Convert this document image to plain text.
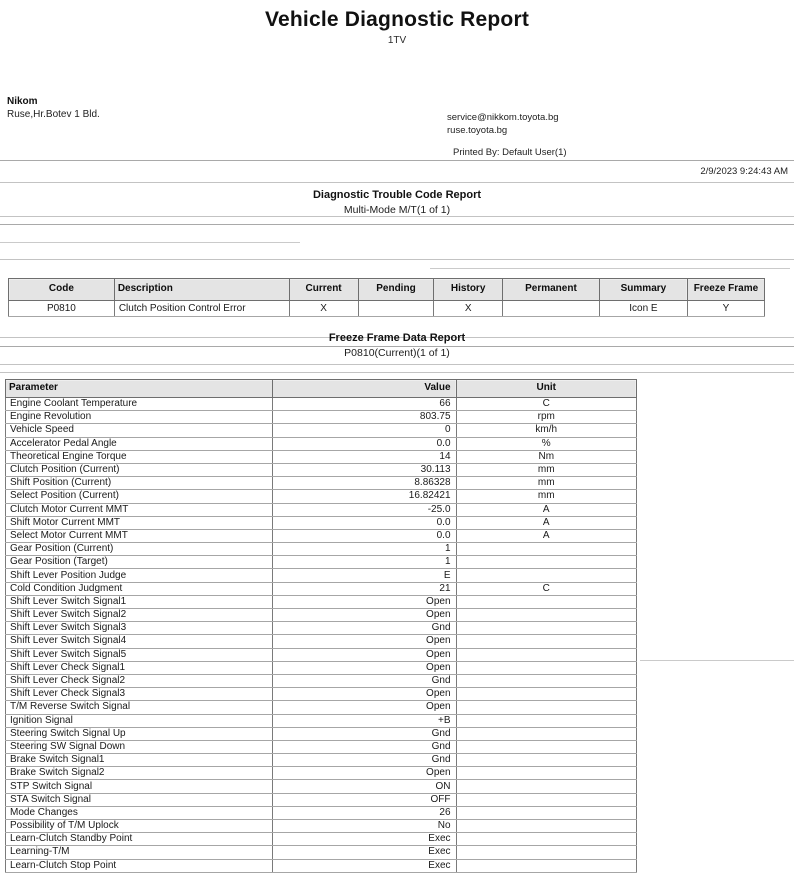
Vehicle Diagnostic Report
1TV
Nikom
Ruse,Hr.Botev 1 Bld.	service@nikkom.toyota.bg
ruse.toyota.bg
Printed By: Default User(1)
2/9/2023 9:24:43 AM
Diagnostic Trouble Code Report
Multi-Mode M/T(1 of 1)
Code	Description	Current	Pending	History	Permanent	Summary	Freeze Frame
P0810	Clutch Position Control Error	X		X		Icon E	Y
Freeze Frame Data Report
P0810(Current)(1 of 1)
Parameter	Value	Unit
Engine Coolant Temperature	66	C
Engine Revolution	803.75	rpm
Vehicle Speed	0	km/h
Accelerator Pedal Angle	0.0	%
Theoretical Engine Torque	14	Nm
Clutch Position (Current)	30.113	mm
Shift Position (Current)	8.86328	mm
Select Position (Current)	16.82421	mm
Clutch Motor Current MMT	-25.0	A
Shift Motor Current MMT	0.0	A
Select Motor Current MMT	0.0	A
Gear Position (Current)	1	
Gear Position (Target)	1	
Shift Lever Position Judge	E	
Cold Condition Judgment	21	C
Shift Lever Switch Signal1	Open	
Shift Lever Switch Signal2	Open	
Shift Lever Switch Signal3	Gnd	
Shift Lever Switch Signal4	Open	
Shift Lever Switch Signal5	Open	
Shift Lever Check Signal1	Open	
Shift Lever Check Signal2	Gnd	
Shift Lever Check Signal3	Open	
T/M Reverse Switch Signal	Open	
Ignition Signal	+B	
Steering Switch Signal Up	Gnd	
Steering SW Signal Down	Gnd	
Brake Switch Signal1	Gnd	
Brake Switch Signal2	Open	
STP Switch Signal	ON	
STA Switch Signal	OFF	
Mode Changes	26	
Possibility of T/M Uplock	No	
Learn-Clutch Standby Point	Exec	
Learning-T/M	Exec	
Learn-Clutch Stop Point	Exec	
